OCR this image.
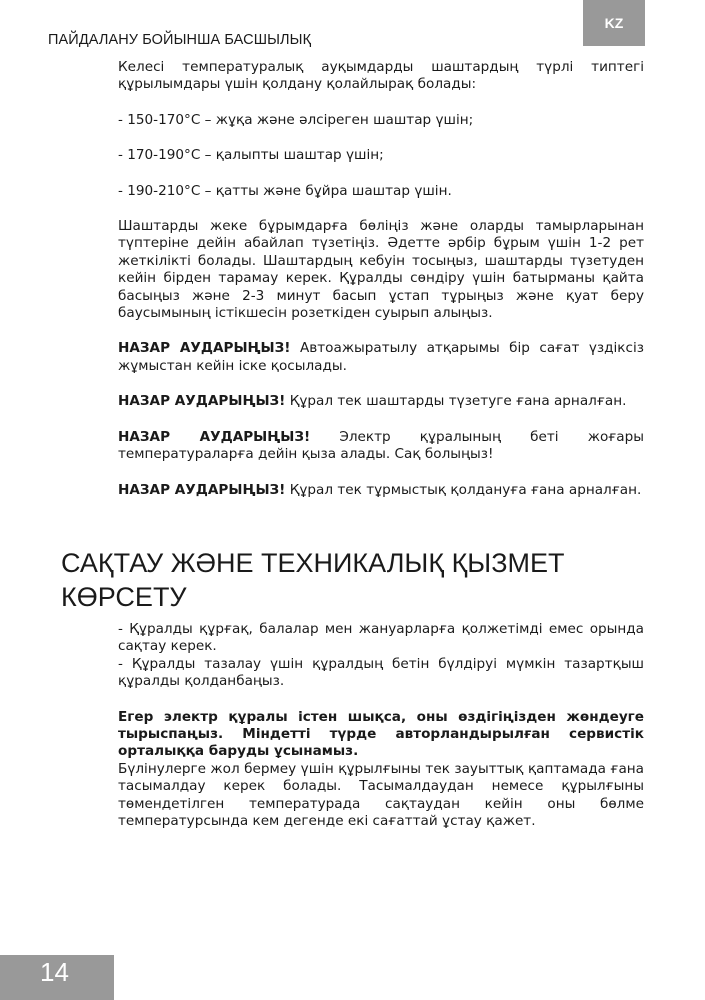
ПАЙДАЛАНУ БОЙЫНША БАСШЫЛЫҚ
KZ

Келесі температуралық ауқымдарды шаштардың түрлі типтегі құрылымдары үшін қолдану қолайлырақ болады:

- 150-170°C – жұқа және әлсіреген шаштар үшін;

- 170-190°C – қалыпты шаштар үшін;

- 190-210°C – қатты және бұйра шаштар үшін.

Шаштарды жеке бұрымдарға бөліңіз және оларды тамырларынан түптеріне дейін абайлап түзетіңіз. Әдетте әрбір бұрым үшін 1-2 рет жеткілікті болады. Шаштардың кебуін тосыңыз, шаштарды түзетуден кейін бірден тарамау керек. Құралды сөндіру үшін батырманы қайта басыңыз және 2-3 минут басып ұстап тұрыңыз және қуат беру баусымының істікшесін розеткіден суырып алыңыз.

НАЗАР АУДАРЫҢЫЗ! Автоажыратылу атқарымы бір сағат үздіксіз жұмыстан кейін іске қосылады.

НАЗАР АУДАРЫҢЫЗ! Құрал тек шаштарды түзетуге ғана арналған.

НАЗАР АУДАРЫҢЫЗ! Электр құралының беті жоғары температураларға дейін қыза алады. Сақ болыңыз!

НАЗАР АУДАРЫҢЫЗ! Құрал тек тұрмыстық қолдануға ғана арналған.

САҚТАУ ЖӘНЕ ТЕХНИКАЛЫҚ ҚЫЗМЕТ КӨРСЕТУ

- Құралды құрғақ, балалар мен жануарларға қолжетімді емес орында сақтау керек.

- Құралды тазалау үшін құралдың бетін бүлдіруі мүмкін тазартқыш құралды қолданбаңыз.

Егер электр құралы істен шықса, оны өздігіңізден жөндеуге тырыспаңыз. Міндетті түрде авторландырылған сервистік орталыққа баруды ұсынамыз.

Бүлінулерге жол бермеу үшін құрылғыны тек зауыттық қаптамада ғана тасымалдау керек болады. Тасымалдаудан немесе құрылғыны төмендетілген температурада сақтаудан кейін оны бөлме температурсында кем дегенде екі сағаттай ұстау қажет.

14
